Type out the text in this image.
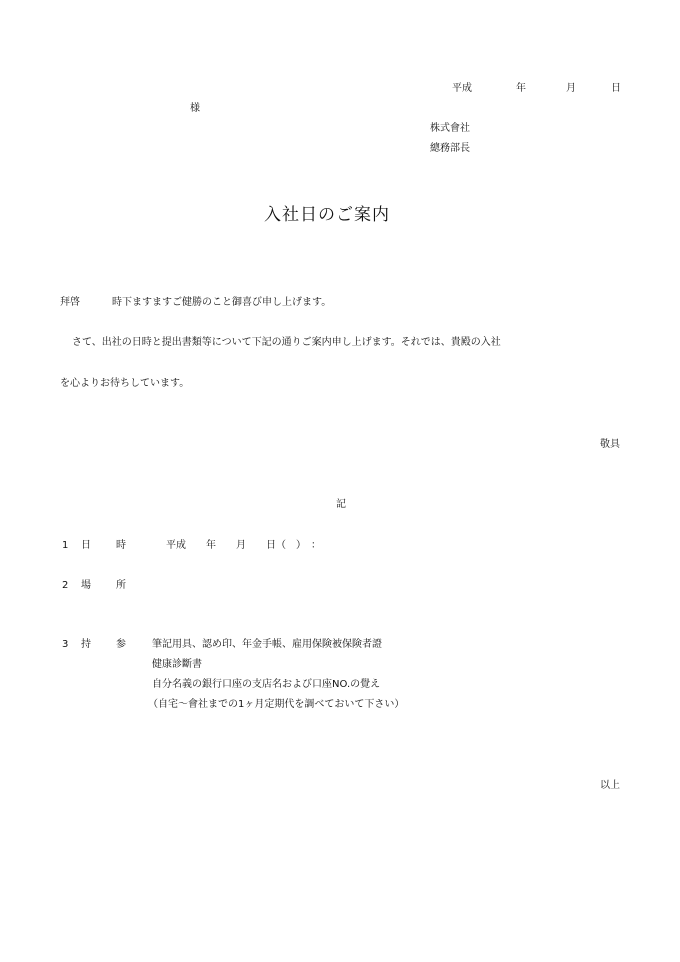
平成	年	月	日
様
株式會社
總務部長
入社日のご案内
拜啓	時下ますますご健勝のこと御喜び申し上げます。
さて、出社の日時と提出書類等について下記の通りご案内申し上げます。それでは、貴殿の入社
を心よりお待ちしています。
敬具
記
1 日	時	平成　　年　　月　　日（　）　：
2 場	所
3 持	参	筆記用具、認め印、年金手帳、雇用保険被保険者證
健康診斷書
自分名義の銀行口座の支店名および口座NO.の覺え
（自宅～會社までの1ヶ月定期代を調べておいて下さい）
以上
